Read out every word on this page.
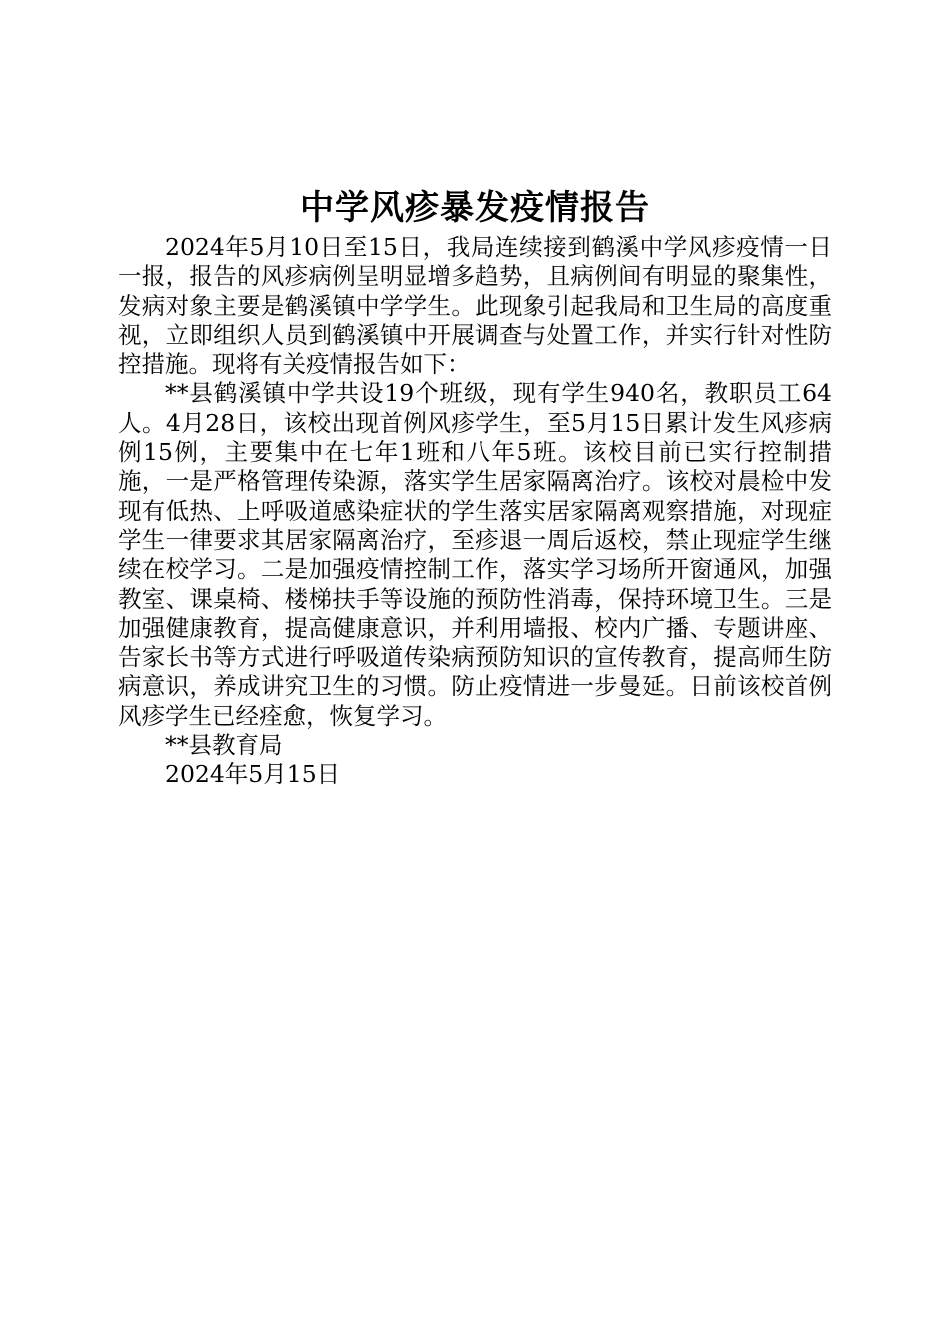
中学风疹暴发疫情报告

2024年5月10日至15日，我局连续接到鹤溪中学风疹疫情一日一报，报告的风疹病例呈明显增多趋势，且病例间有明显的聚集性，发病对象主要是鹤溪镇中学学生。此现象引起我局和卫生局的高度重视，立即组织人员到鹤溪镇中开展调查与处置工作，并实行针对性防控措施。现将有关疫情报告如下：

**县鹤溪镇中学共设19个班级，现有学生940名，教职员工64人。4月28日，该校出现首例风疹学生，至5月15日累计发生风疹病例15例，主要集中在七年1班和八年5班。该校目前已实行控制措施，一是严格管理传染源，落实学生居家隔离治疗。该校对晨检中发现有低热、上呼吸道感染症状的学生落实居家隔离观察措施，对现症学生一律要求其居家隔离治疗，至疹退一周后返校，禁止现症学生继续在校学习。二是加强疫情控制工作，落实学习场所开窗通风，加强教室、课桌椅、楼梯扶手等设施的预防性消毒，保持环境卫生。三是加强健康教育，提高健康意识，并利用墙报、校内广播、专题讲座、告家长书等方式进行呼吸道传染病预防知识的宣传教育，提高师生防病意识，养成讲究卫生的习惯。防止疫情进一步曼延。日前该校首例风疹学生已经痊愈，恢复学习。

**县教育局

2024年5月15日
